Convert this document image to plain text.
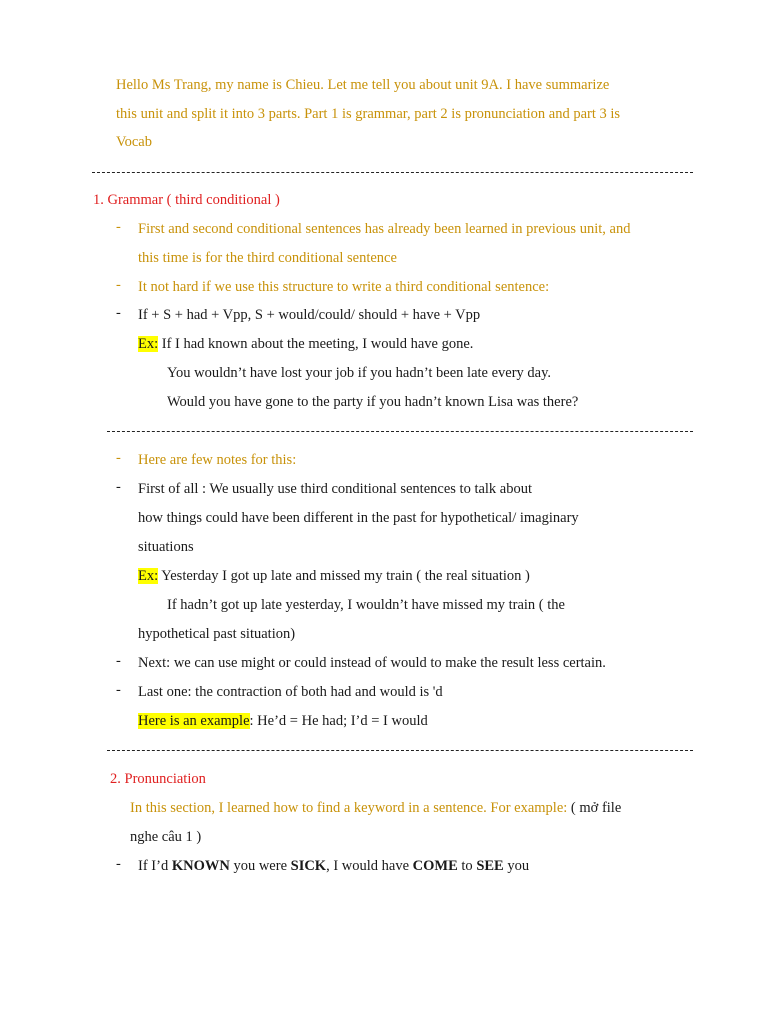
Hello Ms Trang, my name is Chieu. Let me tell you about unit 9A. I have summarize
this unit and split it into 3 parts. Part 1 is grammar, part 2 is pronunciation and part 3 is
Vocab
1. Grammar ( third conditional )
- First and second conditional sentences has already been learned in previous unit, and
this time is for the third conditional sentence
- It not hard if we use this structure to write a third conditional sentence:
- If + S + had + Vpp, S + would/could/ should + have + Vpp
Ex: If I had known about the meeting, I would have gone.
You wouldn’t have lost your job if you hadn’t been late every day.
Would you have gone to the party if you hadn’t known Lisa was there?
- Here are few notes for this:
- First of all : We usually use third conditional sentences to talk about
how things could have been different in the past for hypothetical/ imaginary
situations
Ex: Yesterday I got up late and missed my train ( the real situation )
If hadn’t got up late yesterday, I wouldn’t have missed my train ( the
hypothetical past situation)
- Next: we can use might or could instead of would to make the result less certain.
- Last one: the contraction of both had and would is 'd
Here is an example: He’d = He had; I’d = I would
2. Pronunciation
In this section, I learned how to find a keyword in a sentence. For example: ( mở file
nghe câu 1 )
- If I’d KNOWN you were SICK, I would have COME to SEE you
